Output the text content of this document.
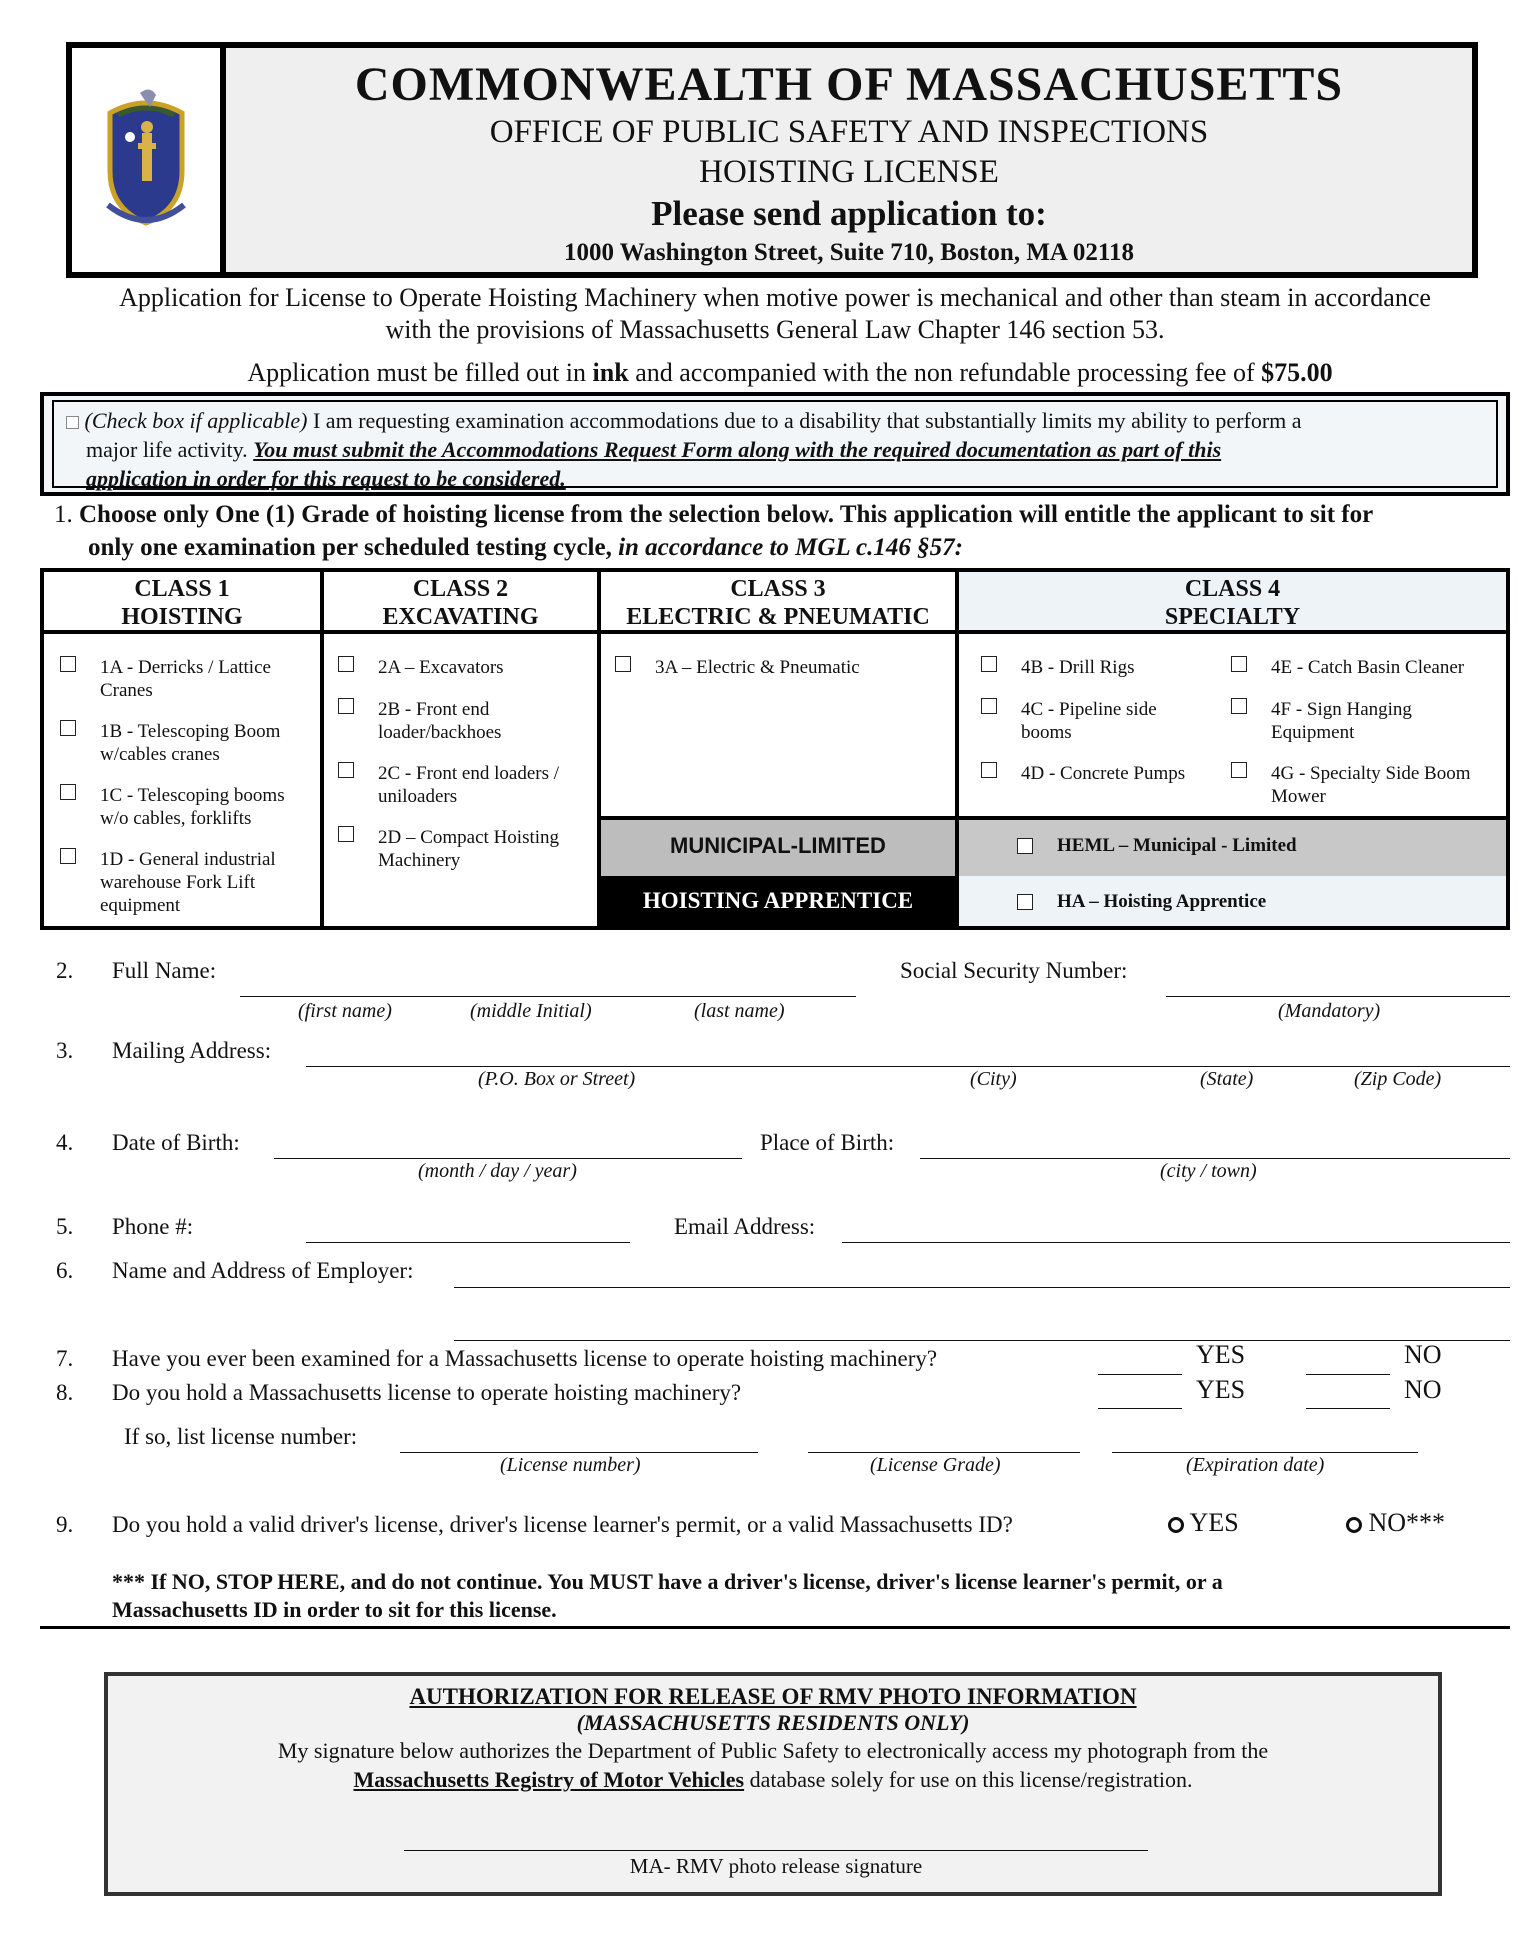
COMMONWEALTH OF MASSACHUSETTS
OFFICE OF PUBLIC SAFETY AND INSPECTIONS
HOISTING LICENSE
Please send application to:
1000 Washington Street, Suite 710, Boston, MA 02118
Application for License to Operate Hoisting Machinery when motive power is mechanical and other than steam in accordance
with the provisions of Massachusetts General Law Chapter 146 section 53.
Application must be filled out in ink and accompanied with the non refundable processing fee of $75.00
(Check box if applicable) I am requesting examination accommodations due to a disability that substantially limits my ability to perform a
major life activity. You must submit the Accommodations Request Form along with the required documentation as part of this
application in order for this request to be considered.
1. Choose only One (1) Grade of hoisting license from the selection below. This application will entitle the applicant to sit for
only one examination per scheduled testing cycle, in accordance to MGL c.146 §57:
CLASS 1
HOISTING
1A - Derricks / Lattice
Cranes
1B - Telescoping Boom
w/cables cranes
1C - Telescoping booms
w/o cables, forklifts
1D - General industrial
warehouse Fork Lift
equipment
CLASS 2
EXCAVATING
2A – Excavators
2B - Front end
loader/backhoes
2C - Front end loaders /
uniloaders
2D – Compact Hoisting
Machinery
CLASS 3
ELECTRIC & PNEUMATIC
3A – Electric & Pneumatic
MUNICIPAL-LIMITED
HOISTING APPRENTICE
CLASS 4
SPECIALTY
4B - Drill Rigs
4C - Pipeline side
booms
4D - Concrete Pumps
4E - Catch Basin Cleaner
4F - Sign Hanging
Equipment
4G - Specialty Side Boom
Mower
HEML – Municipal - Limited
HA – Hoisting Apprentice
2. Full Name:
(first name)	(middle Initial)	(last name)
Social Security Number:
(Mandatory)
3. Mailing Address:
(P.O. Box or Street)	(City)	(State)	(Zip Code)
4. Date of Birth:
(month / day / year)
Place of Birth:
(city / town)
5. Phone #:	Email Address:
6. Name and Address of Employer:
7. Have you ever been examined for a Massachusetts license to operate hoisting machinery?	YES	NO
8. Do you hold a Massachusetts license to operate hoisting machinery?	YES	NO
If so, list license number:
(License number)	(License Grade)	(Expiration date)
9. Do you hold a valid driver's license, driver's license learner's permit, or a valid Massachusetts ID?	YES	NO***
*** If NO, STOP HERE, and do not continue. You MUST have a driver's license, driver's license learner's permit, or a
Massachusetts ID in order to sit for this license.
AUTHORIZATION FOR RELEASE OF RMV PHOTO INFORMATION
(MASSACHUSETTS RESIDENTS ONLY)
My signature below authorizes the Department of Public Safety to electronically access my photograph from the
Massachusetts Registry of Motor Vehicles database solely for use on this license/registration.
MA- RMV photo release signature
